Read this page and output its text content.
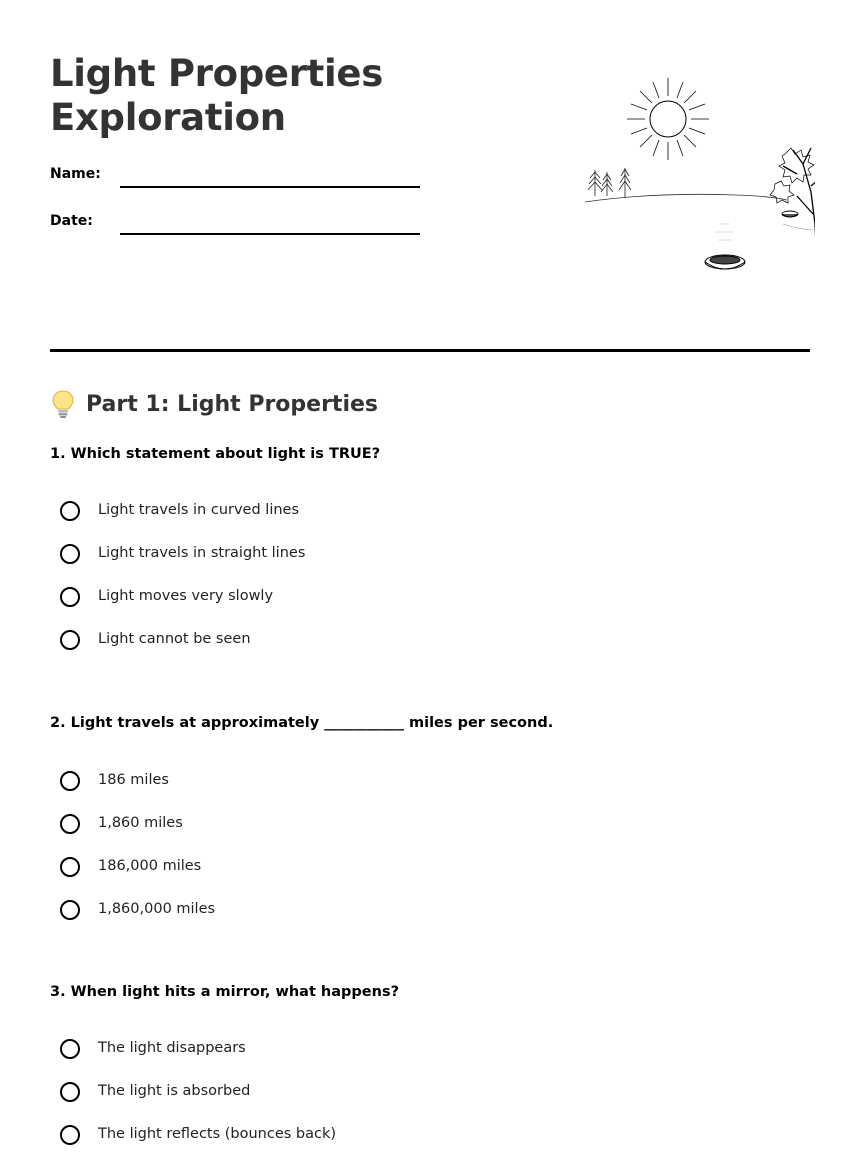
Light Properties
Exploration
Name:
Date:
Part 1: Light Properties
1. Which statement about light is TRUE?
Light travels in curved lines
Light travels in straight lines
Light moves very slowly
Light cannot be seen
2. Light travels at approximately ___________ miles per second.
186 miles
1,860 miles
186,000 miles
1,860,000 miles
3. When light hits a mirror, what happens?
The light disappears
The light is absorbed
The light reflects (bounces back)
